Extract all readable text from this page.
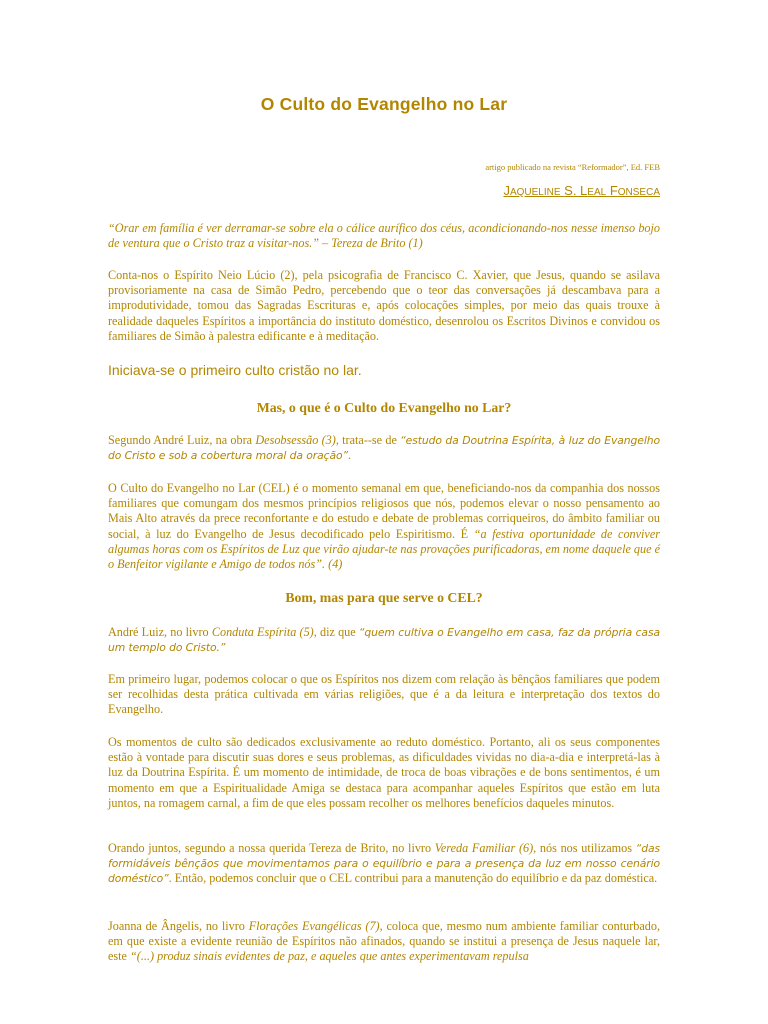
O Culto do Evangelho no Lar
artigo publicado na revista “Reformador”, Ed. FEB
JAQUELINE S. LEAL FONSECA
“Orar em família é ver derramar-se sobre ela o cálice aurífico dos céus, acondicionando-nos nesse imenso bojo de ventura que o Cristo traz a visitar-nos.” – Tereza de Brito (1)
Conta-nos o Espírito Neio Lúcio (2), pela psicografia de Francisco C. Xavier, que Jesus, quando se asilava provisoriamente na casa de Simão Pedro, percebendo que o teor das conversações já descambava para a improdutividade, tomou das Sagradas Escrituras e, após colocações simples, por meio das quais trouxe à realidade daqueles Espíritos a importância do instituto doméstico, desenrolou os Escritos Divinos e convidou os familiares de Simão à palestra edificante e à meditação.
Iniciava-se o primeiro culto cristão no lar.
Mas, o que é o Culto do Evangelho no Lar?
Segundo André Luiz, na obra Desobsessão (3), trata--se de “estudo da Doutrina Espírita, à luz do Evangelho do Cristo e sob a cobertura moral da oração”.
O Culto do Evangelho no Lar (CEL) é o momento semanal em que, beneficiando-nos da companhia dos nossos familiares que comungam dos mesmos princípios religiosos que nós, podemos elevar o nosso pensamento ao Mais Alto através da prece reconfortante e do estudo e debate de problemas corriqueiros, do âmbito familiar ou social, à luz do Evangelho de Jesus decodificado pelo Espiritismo. É “a festiva oportunidade de conviver algumas horas com os Espíritos de Luz que virão ajudar-te nas provações purificadoras, em nome daquele que é o Benfeitor vigilante e Amigo de todos nós”. (4)
Bom, mas para que serve o CEL?
André Luiz, no livro Conduta Espírita (5), diz que “quem cultiva o Evangelho em casa, faz da própria casa um templo do Cristo.”
Em primeiro lugar, podemos colocar o que os Espíritos nos dizem com relação às bênçãos familiares que podem ser recolhidas desta prática cultivada em várias religiões, que é a da leitura e interpretação dos textos do Evangelho.
Os momentos de culto são dedicados exclusivamente ao reduto doméstico. Portanto, ali os seus componentes estão à vontade para discutir suas dores e seus problemas, as dificuldades vividas no dia-a-dia e interpretá-las à luz da Doutrina Espírita. É um momento de intimidade, de troca de boas vibrações e de bons sentimentos, é um momento em que a Espiritualidade Amiga se destaca para acompanhar aqueles Espíritos que estão em luta juntos, na romagem carnal, a fim de que eles possam recolher os melhores benefícios daqueles minutos.
Orando juntos, segundo a nossa querida Tereza de Brito, no livro Vereda Familiar (6), nós nos utilizamos “das formidáveis bênçãos que movimentamos para o equilíbrio e para a presença da luz em nosso cenário doméstico”. Então, podemos concluir que o CEL contribui para a manutenção do equilíbrio e da paz doméstica.
Joanna de Ângelis, no livro Florações Evangélicas (7), coloca que, mesmo num ambiente familiar conturbado, em que existe a evidente reunião de Espíritos não afinados, quando se institui a presença de Jesus naquele lar, este “(...) produz sinais evidentes de paz, e aqueles que antes experimentavam repulsa
